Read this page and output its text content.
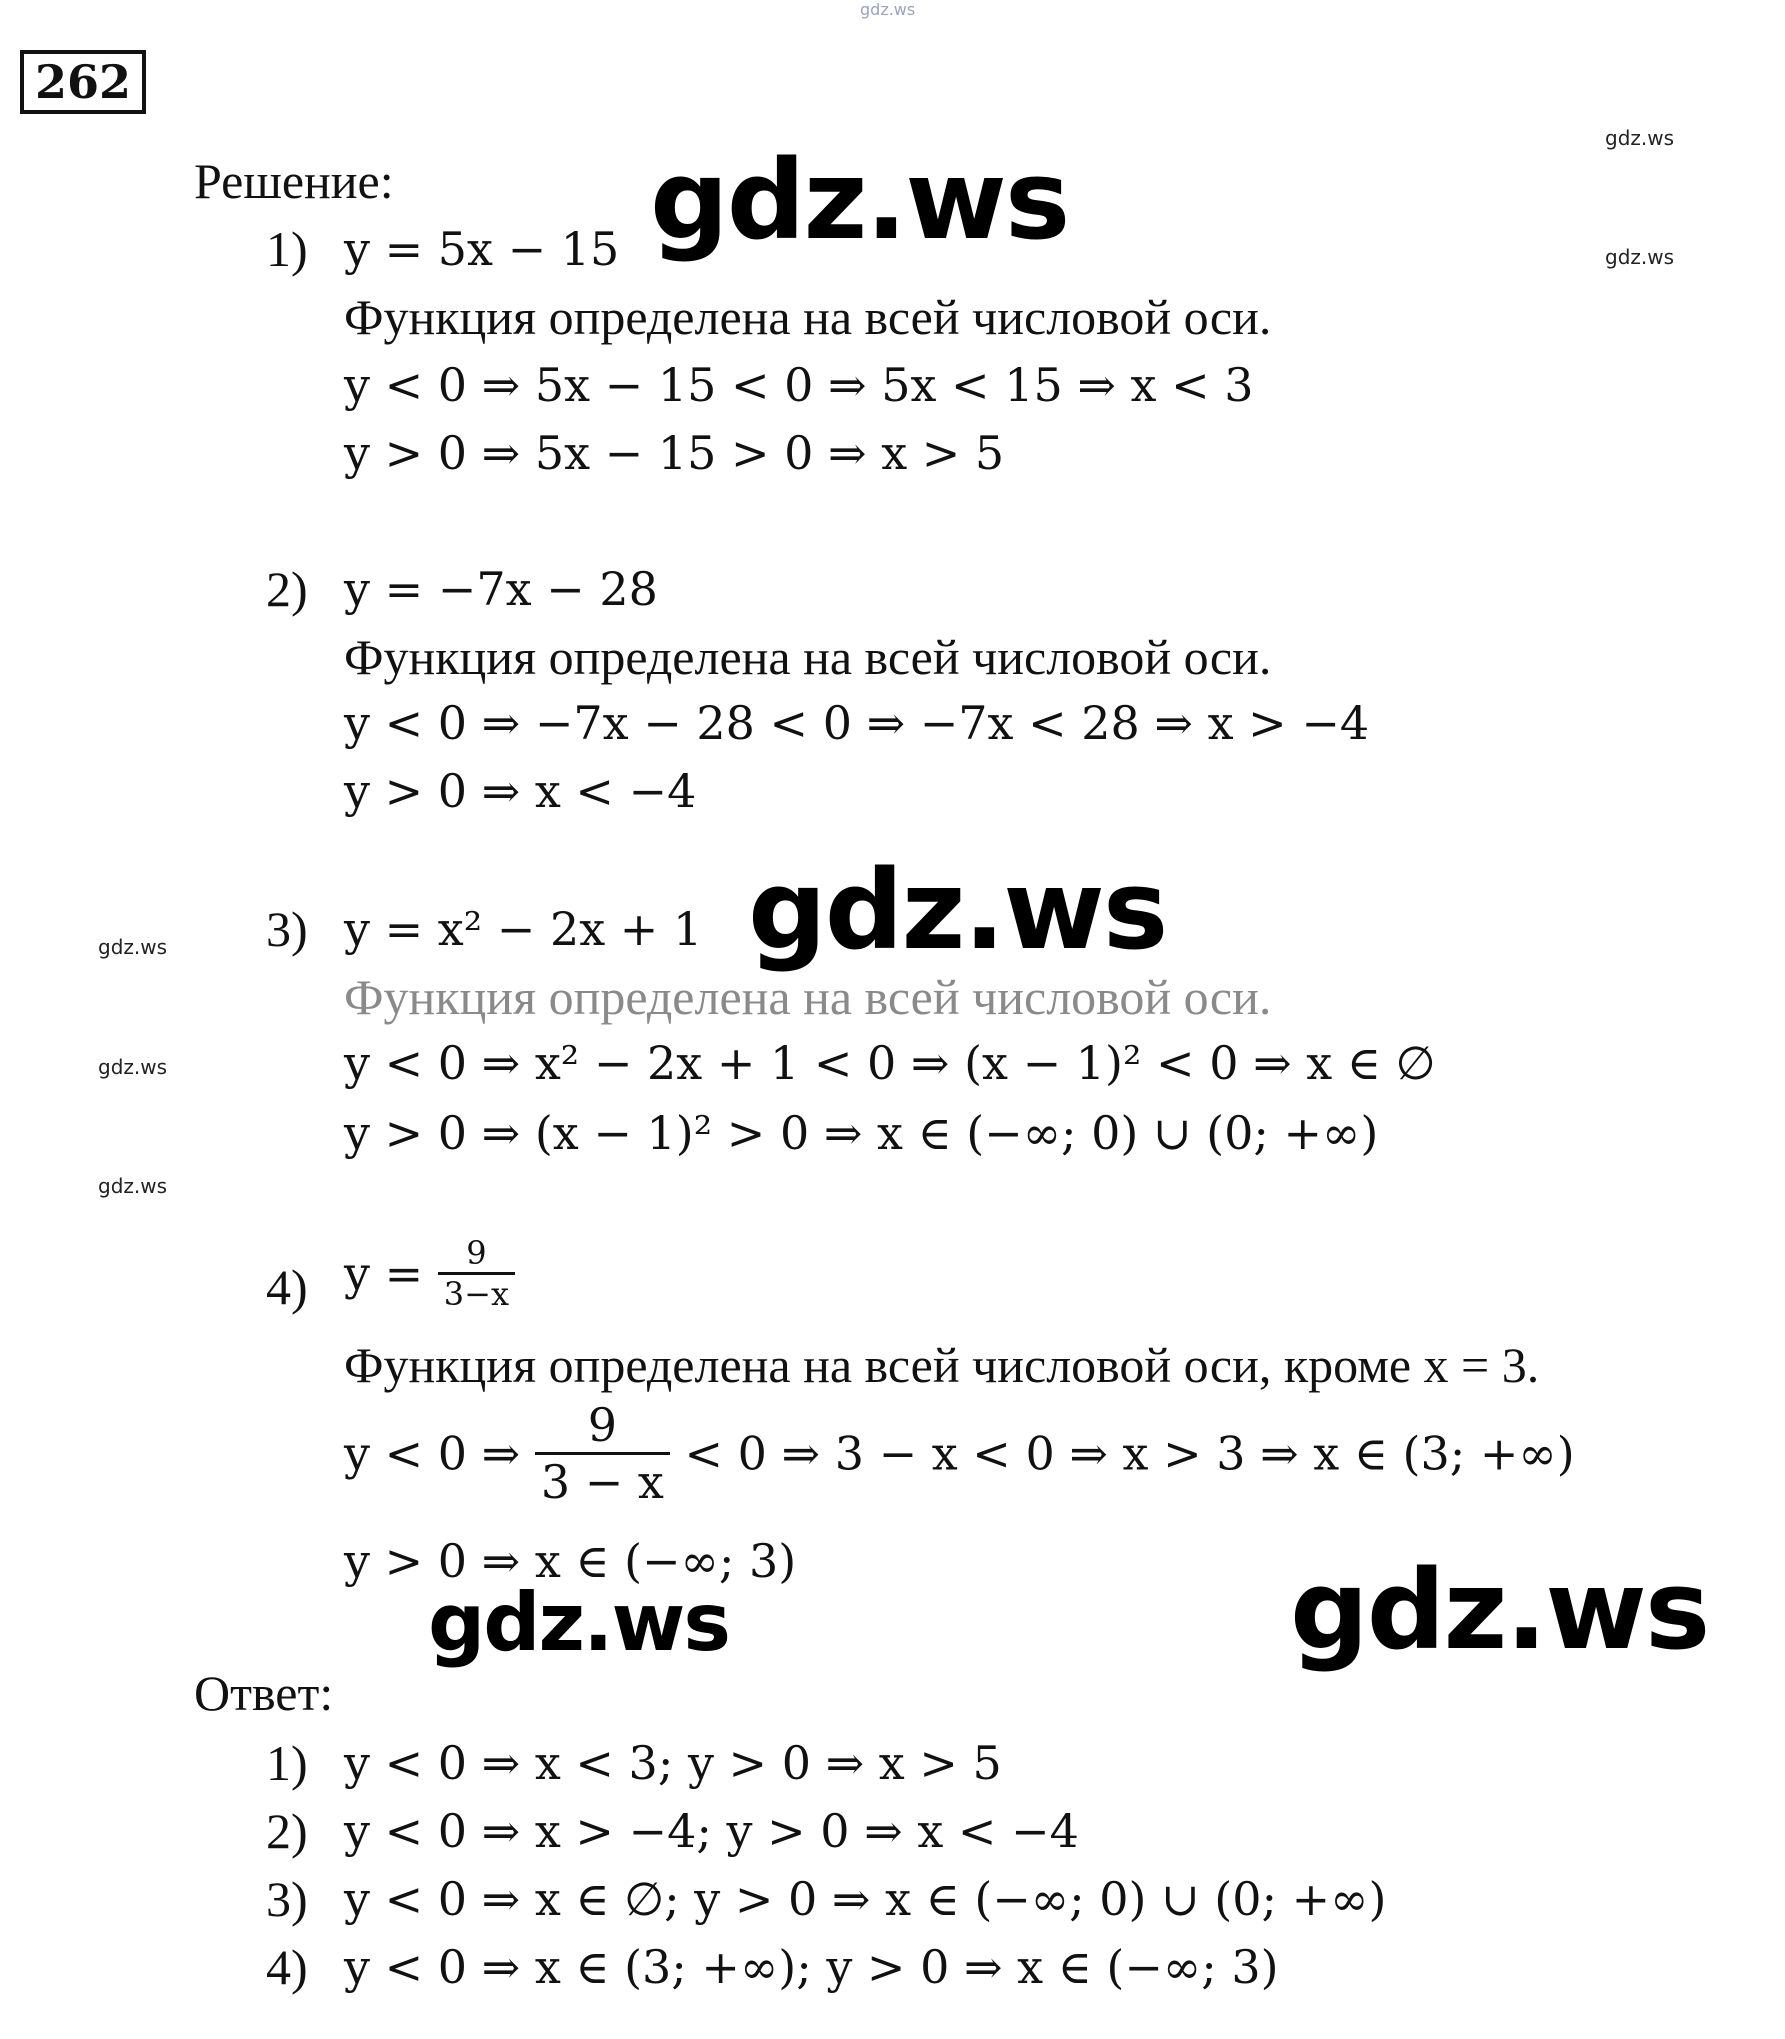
gdz.ws
262
Решение:
gdz.ws
gdz.ws
gdz.ws
gdz.ws
gdz.ws
1) y = 5x − 15
Функция определена на всей числовой оси.
y < 0 ⇒ 5x − 15 < 0 ⇒ 5x < 15 ⇒ x < 3
y > 0 ⇒ 5x − 15 > 0 ⇒ x > 5
gdz.ws
2) y = −7x − 28
Функция определена на всей числовой оси.
y < 0 ⇒ −7x − 28 < 0 ⇒ −7x < 28 ⇒ x > −4
y > 0 ⇒ x < −4
3) y = x² − 2x + 1
Функция определена на всей числовой оси.
y < 0 ⇒ x² − 2x + 1 < 0 ⇒ (x − 1)² < 0 ⇒ x ∈ ∅
y > 0 ⇒ (x − 1)² > 0 ⇒ x ∈ (−∞; 0) ∪ (0; +∞)
gdz.ws
4) $y = \frac{9}{3-x}$
Функция определена на всей числовой оси, кроме x = 3.
y < 0 ⇒ $\frac{9}{3 - x} < 0$ ⇒ 3 − x < 0 ⇒ x > 3 ⇒ x ∈ (3; +∞)
y > 0 ⇒ x ∈ (−∞; 3)
gdz.ws	gdz.ws
Ответ:
1) y < 0 ⇒ x < 3; y > 0 ⇒ x > 5
2) y < 0 ⇒ x > −4; y > 0 ⇒ x < −4
3) y < 0 ⇒ x ∈ ∅; y > 0 ⇒ x ∈ (−∞; 0) ∪ (0; +∞)
4) y < 0 ⇒ x ∈ (3; +∞); y > 0 ⇒ x ∈ (−∞; 3)
